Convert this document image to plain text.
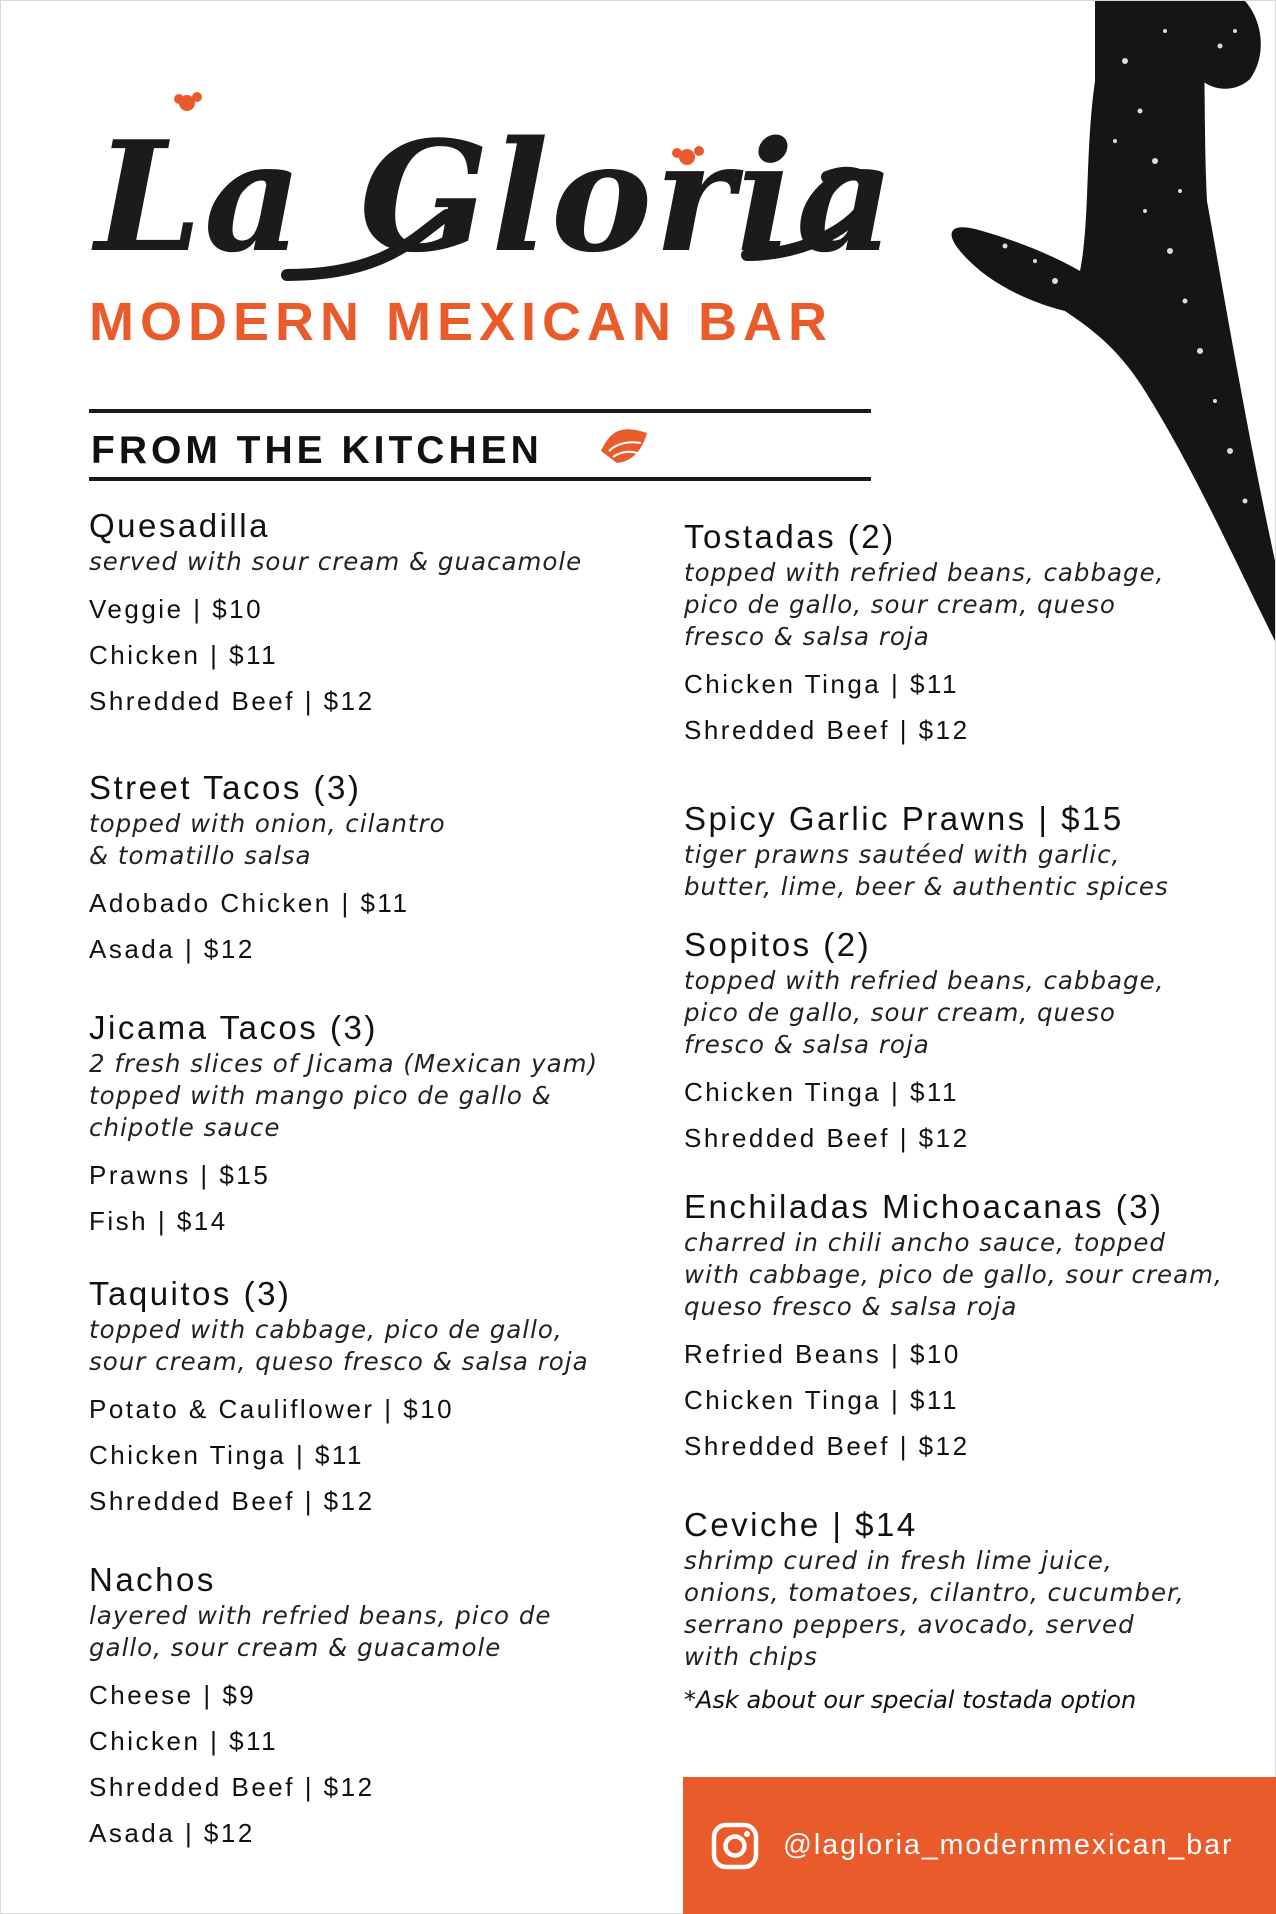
La Gloria
MODERN MEXICAN BAR
FROM THE KITCHEN
Quesadilla
served with sour cream & guacamole
Veggie | $10
Chicken | $11
Shredded Beef | $12
Street Tacos (3)
topped with onion, cilantro
& tomatillo salsa
Adobado Chicken | $11
Asada | $12
Jicama Tacos (3)
2 fresh slices of Jicama (Mexican yam)
topped with mango pico de gallo &
chipotle sauce
Prawns | $15
Fish | $14
Taquitos (3)
topped with cabbage, pico de gallo,
sour cream, queso fresco & salsa roja
Potato & Cauliflower | $10
Chicken Tinga | $11
Shredded Beef | $12
Nachos
layered with refried beans, pico de
gallo, sour cream & guacamole
Cheese | $9
Chicken | $11
Shredded Beef | $12
Asada | $12
Tostadas (2)
topped with refried beans, cabbage,
pico de gallo, sour cream, queso
fresco & salsa roja
Chicken Tinga | $11
Shredded Beef | $12
Spicy Garlic Prawns | $15
tiger prawns sautéed with garlic,
butter, lime, beer & authentic spices
Sopitos (2)
topped with refried beans, cabbage,
pico de gallo, sour cream, queso
fresco & salsa roja
Chicken Tinga | $11
Shredded Beef | $12
Enchiladas Michoacanas (3)
charred in chili ancho sauce, topped
with cabbage, pico de gallo, sour cream,
queso fresco & salsa roja
Refried Beans | $10
Chicken Tinga | $11
Shredded Beef | $12
Ceviche | $14
shrimp cured in fresh lime juice,
onions, tomatoes, cilantro, cucumber,
serrano peppers, avocado, served
with chips
*Ask about our special tostada option
@lagloria_modernmexican_bar
